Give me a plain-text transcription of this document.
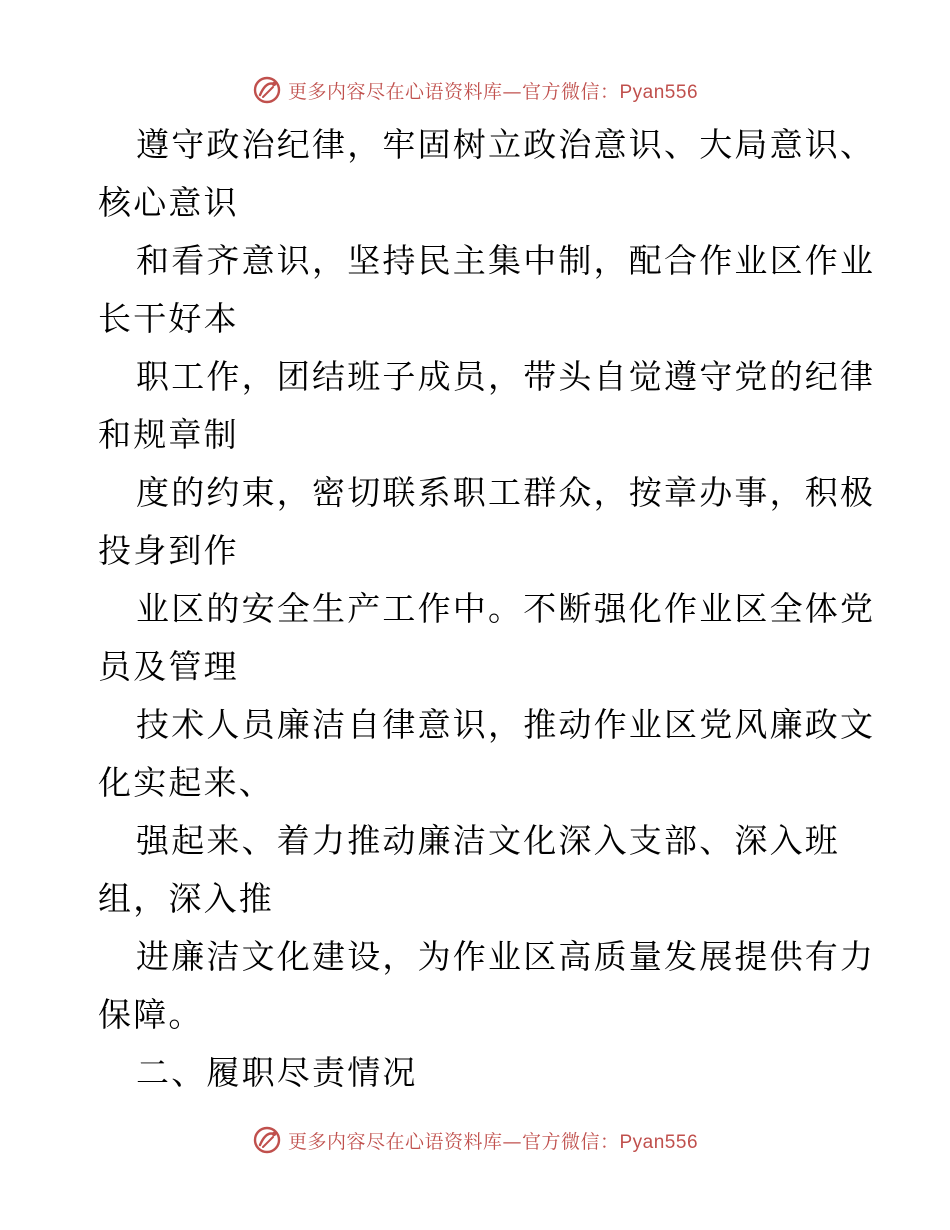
更多内容尽在心语资料库—官方微信：Pyan556
遵守政治纪律，牢固树立政治意识、大局意识、
核心意识
和看齐意识，坚持民主集中制，配合作业区作业
长干好本
职工作，团结班子成员，带头自觉遵守党的纪律
和规章制
度的约束，密切联系职工群众，按章办事，积极
投身到作
业区的安全生产工作中。不断强化作业区全体党
员及管理
技术人员廉洁自律意识，推动作业区党风廉政文
化实起来、
强起来、着力推动廉洁文化深入支部、深入班
组，深入推
进廉洁文化建设，为作业区高质量发展提供有力
保障。
二、履职尽责情况
更多内容尽在心语资料库—官方微信：Pyan556
